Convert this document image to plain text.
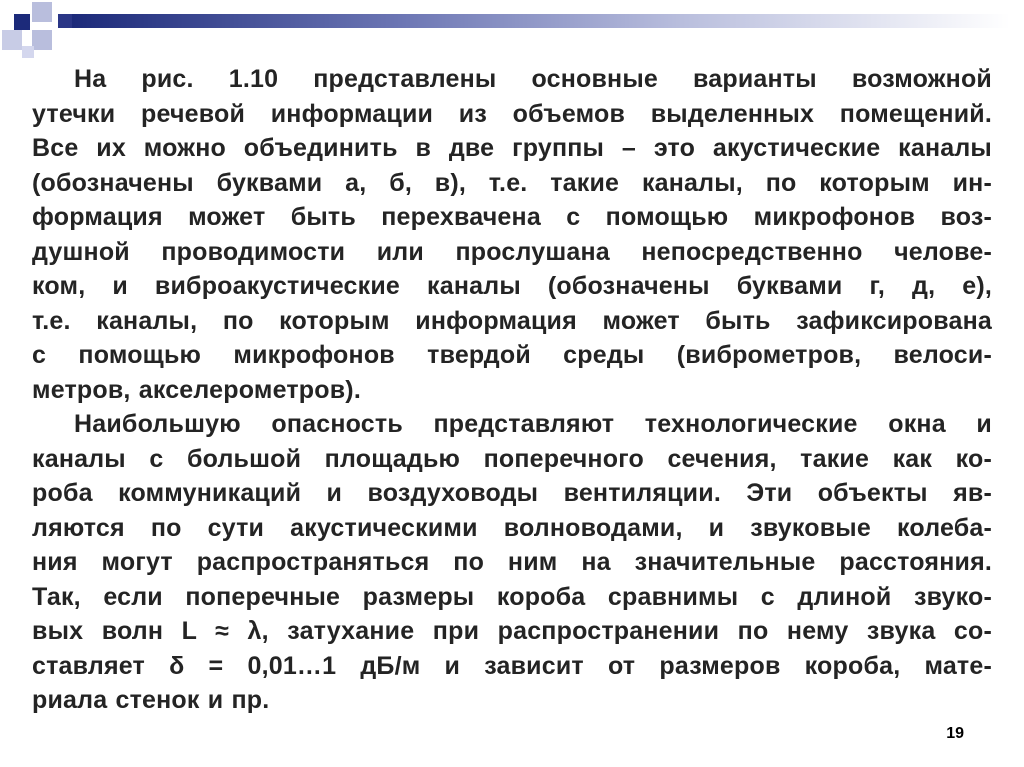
На рис. 1.10 представлены основные варианты возможной
утечки речевой информации из объемов выделенных помещений.
Все их можно объединить в две группы – это акустические каналы
(обозначены буквами а, б, в), т.е. такие каналы, по которым ин-
формация может быть перехвачена с помощью микрофонов воз-
душной проводимости или прослушана непосредственно челове-
ком, и виброакустические каналы (обозначены буквами г, д, е),
т.е. каналы, по которым информация может быть зафиксирована
с помощью микрофонов твердой среды (виброметров, велоси-
метров, акселерометров).
Наибольшую опасность представляют технологические окна и
каналы с большой площадью поперечного сечения, такие как ко-
роба коммуникаций и воздуховоды вентиляции. Эти объекты яв-
ляются по сути акустическими волноводами, и звуковые колеба-
ния могут распространяться по ним на значительные расстояния.
Так, если поперечные размеры короба сравнимы с длиной звуко-
вых волн L ≈ λ, затухание при распространении по нему звука со-
ставляет δ = 0,01…1 дБ/м и зависит от размеров короба, мате-
риала стенок и пр.
19
